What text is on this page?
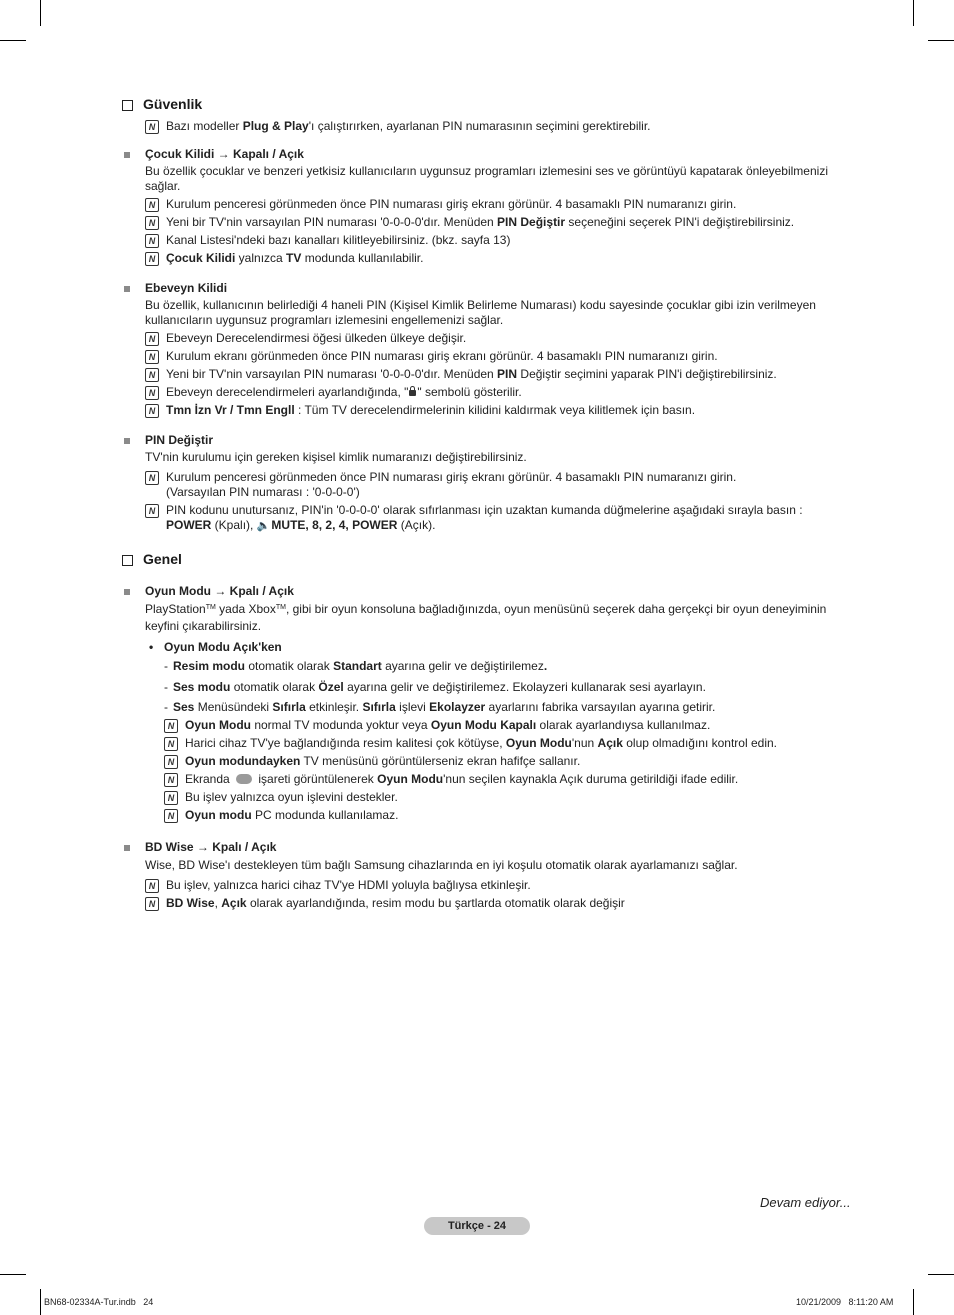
Güvenlik
N Bazı modeller Plug & Play'ı çalıştırırken, ayarlanan PIN numarasının seçimini gerektirebilir.
Çocuk Kilidi → Kapalı / Açık
Bu özellik çocuklar ve benzeri yetkisiz kullanıcıların uygunsuz programları izlemesini ses ve görüntüyü kapatarak önleyebilmenizi sağlar.
N Kurulum penceresi görünmeden önce PIN numarası giriş ekranı görünür. 4 basamaklı PIN numaranızı girin.
N Yeni bir TV'nin varsayılan PIN numarası '0-0-0-0'dır. Menüden PIN Değiştir seçeneğini seçerek PIN'i değiştirebilirsiniz.
N Kanal Listesi'ndeki bazı kanalları kilitleyebilirsiniz. (bkz. sayfa 13)
N Çocuk Kilidi yalnızca TV modunda kullanılabilir.
Ebeveyn Kilidi
Bu özellik, kullanıcının belirlediği 4 haneli PIN (Kişisel Kimlik Belirleme Numarası) kodu sayesinde çocuklar gibi izin verilmeyen kullanıcıların uygunsuz programları izlemesini engellemenizi sağlar.
N Ebeveyn Derecelendirmesi öğesi ülkeden ülkeye değişir.
N Kurulum ekranı görünmeden önce PIN numarası giriş ekranı görünür. 4 basamaklı PIN numaranızı girin.
N Yeni bir TV'nin varsayılan PIN numarası '0-0-0-0'dır. Menüden PIN Değiştir seçimini yaparak PIN'i değiştirebilirsiniz.
N Ebeveyn derecelendirmeleri ayarlandığında, " " sembolü gösterilir.
N Tmn İzn Vr / Tmn Engll : Tüm TV derecelendirmelerinin kilidini kaldırmak veya kilitlemek için basın.
PIN Değiştir
TV'nin kurulumu için gereken kişisel kimlik numaranızı değiştirebilirsiniz.
N Kurulum penceresi görünmeden önce PIN numarası giriş ekranı görünür. 4 basamaklı PIN numaranızı girin.
(Varsayılan PIN numarası : '0-0-0-0')
N PIN kodunu unutursanız, PIN'in '0-0-0-0' olarak sıfırlanması için uzaktan kumanda düğmelerine aşağıdaki sırayla basın :
POWER (Kpalı), 🔈MUTE, 8, 2, 4, POWER (Açık).
Genel
Oyun Modu → Kpalı / Açık
PlayStation™ yada Xbox™, gibi bir oyun konsoluna bağladığınızda, oyun menüsünü seçerek daha gerçekçi bir oyun deneyiminin keyfini çıkarabilirsiniz.
• Oyun Modu Açık'ken
- Resim modu otomatik olarak Standart ayarına gelir ve değiştirilemez.
- Ses modu otomatik olarak Özel ayarına gelir ve değiştirilemez. Ekolayzeri kullanarak sesi ayarlayın.
- Ses Menüsündeki Sıfırla etkinleşir. Sıfırla işlevi Ekolayzer ayarlarını fabrika varsayılan ayarına getirir.
N Oyun Modu normal TV modunda yoktur veya Oyun Modu Kapalı olarak ayarlandıysa kullanılmaz.
N Harici cihaz TV'ye bağlandığında resim kalitesi çok kötüyse, Oyun Modu'nun Açık olup olmadığını kontrol edin.
N Oyun modundayken TV menüsünü görüntülerseniz ekran hafifçe sallanır.
N Ekranda  işareti görüntülenerek Oyun Modu'nun seçilen kaynakla Açık duruma getirildiği ifade edilir.
N Bu işlev yalnızca oyun işlevini destekler.
N Oyun modu PC modunda kullanılamaz.
BD Wise → Kpalı / Açık
Wise, BD Wise'ı destekleyen tüm bağlı Samsung cihazlarında en iyi koşulu otomatik olarak ayarlamanızı sağlar.
N Bu işlev, yalnızca harici cihaz TV'ye HDMI yoluyla bağlıysa etkinleşir.
N BD Wise, Açık olarak ayarlandığında, resim modu bu şartlarda otomatik olarak değişir
Devam ediyor...
Türkçe - 24
BN68-02334A-Tur.indb   24	10/21/2009   8:11:20 AM
